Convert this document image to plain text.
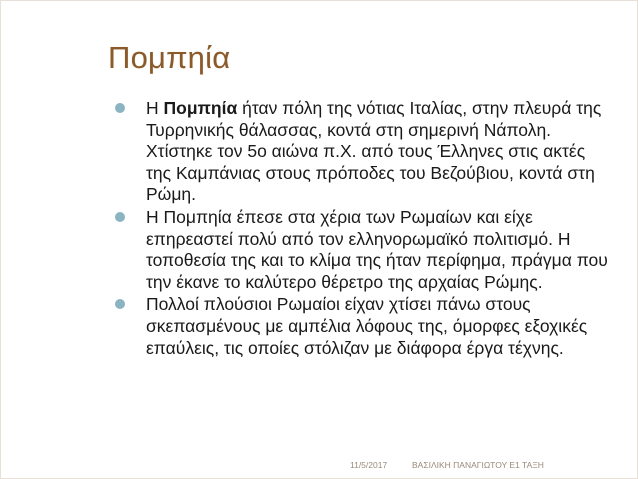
Πομπηία
Η Πομπηία ήταν πόλη της νότιας Ιταλίας, στην πλευρά της Τυρρηνικής θάλασσας, κοντά στη σημερινή Νάπολη. Χτίστηκε τον 5ο αιώνα π.Χ. από τους Έλληνες στις ακτές της Καμπάνιας στους πρόποδες του Βεζούβιου, κοντά στη Ρώμη.
Η Πομπηία έπεσε στα χέρια των Ρωμαίων και είχε επηρεαστεί πολύ από τον ελληνορωμαϊκό πολιτισμό. Η τοποθεσία της και το κλίμα της ήταν περίφημα, πράγμα που την έκανε το καλύτερο θέρετρο της αρχαίας Ρώμης.
Πολλοί πλούσιοι Ρωμαίοι είχαν χτίσει πάνω στους σκεπασμένους με αμπέλια λόφους της, όμορφες εξοχικές επαύλεις, τις οποίες στόλιζαν με διάφορα έργα τέχνης.
11/5/2017	ΒΑΣΙΛΙΚΗ ΠΑΝΑΓΙΩΤΟΥ Ε1 ΤΑΞΗ
